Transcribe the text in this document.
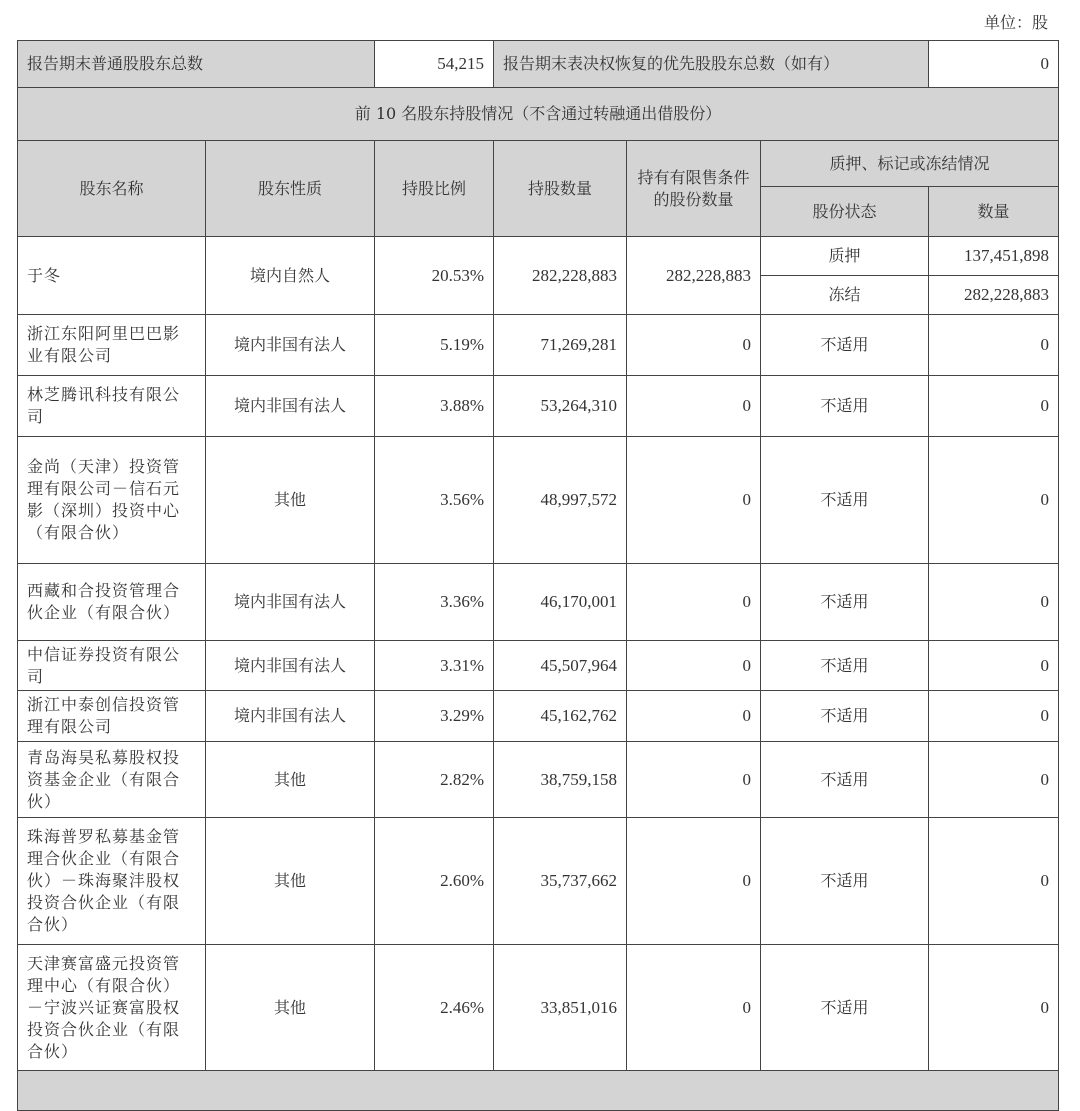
单位：股
报告期末普通股股东总数		54,215	报告期末表决权恢复的优先股股东总数（如有）			0
前 10 名股东持股情况（不含通过转融通出借股份）						
股东名称	股东性质	持股比例	持股数量	持有有限售条件的股份数量	质押、标记或冻结情况	
					股份状态	数量
于冬	境内自然人	20.53%	282,228,883	282,228,883	质押	137,451,898
					冻结	282,228,883
浙江东阳阿里巴巴影业有限公司	境内非国有法人	5.19%	71,269,281	0	不适用	0
林芝腾讯科技有限公司	境内非国有法人	3.88%	53,264,310	0	不适用	0
金尚（天津）投资管理有限公司－信石元影（深圳）投资中心（有限合伙）	其他	3.56%	48,997,572	0	不适用	0
西藏和合投资管理合伙企业（有限合伙）	境内非国有法人	3.36%	46,170,001	0	不适用	0
中信证券投资有限公司	境内非国有法人	3.31%	45,507,964	0	不适用	0
浙江中泰创信投资管理有限公司	境内非国有法人	3.29%	45,162,762	0	不适用	0
青岛海昊私募股权投资基金企业（有限合伙）	其他	2.82%	38,759,158	0	不适用	0
珠海普罗私募基金管理合伙企业（有限合伙）－珠海聚沣股权投资合伙企业（有限合伙）	其他	2.60%	35,737,662	0	不适用	0
天津赛富盛元投资管理中心（有限合伙）－宁波兴证赛富股权投资合伙企业（有限合伙）	其他	2.46%	33,851,016	0	不适用	0
